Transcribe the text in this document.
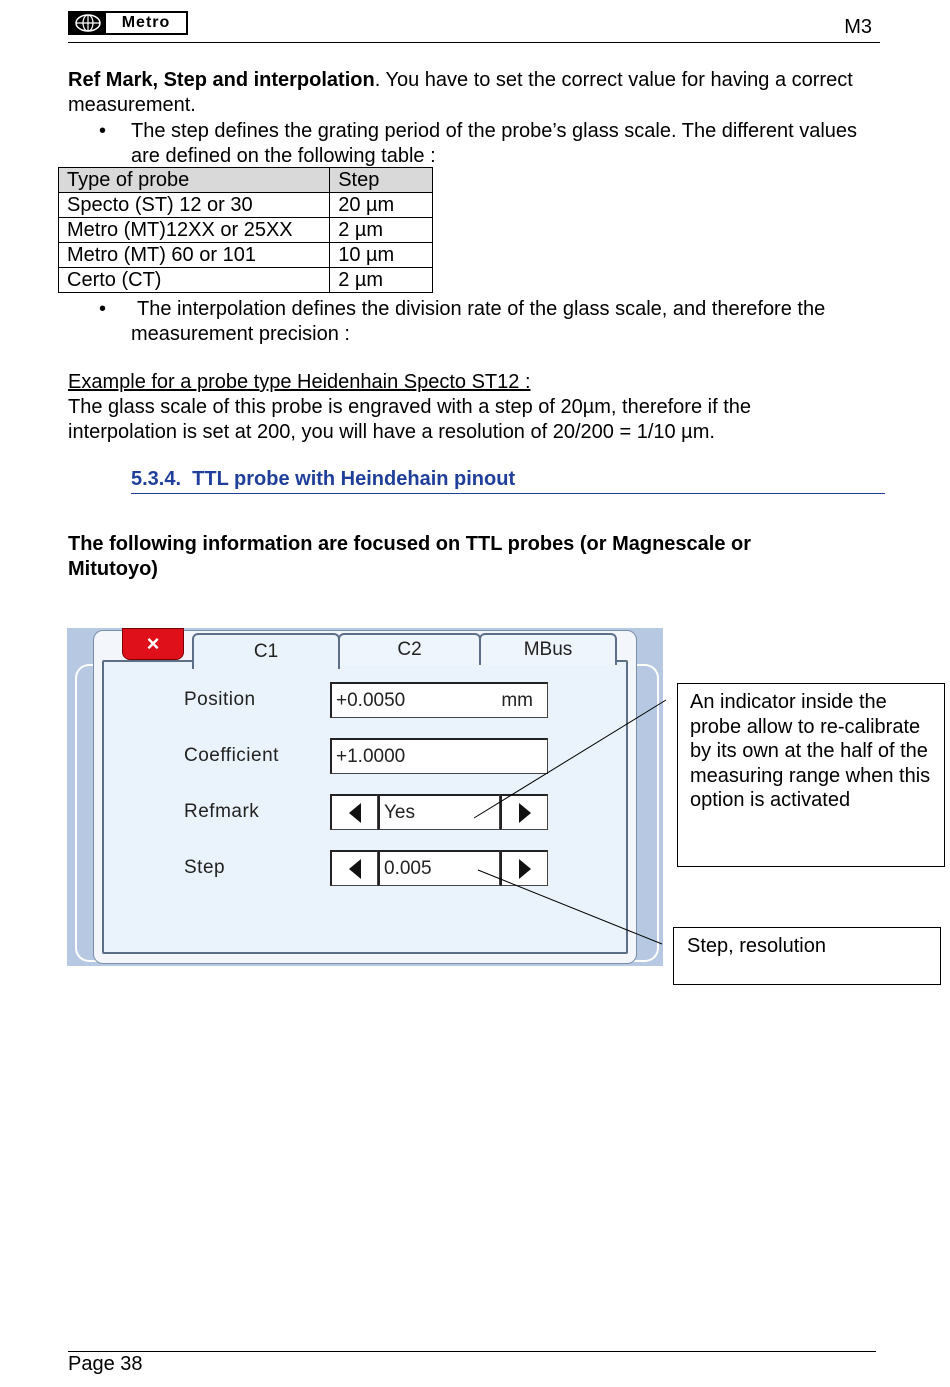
Metro	M3
Ref Mark, Step and interpolation. You have to set the correct value for having a correct measurement.
• The step defines the grating period of the probe’s glass scale. The different values are defined on the following table :
Type of probe	Step
Specto (ST) 12 or 30	20 µm
Metro (MT)12XX or 25XX	2 µm
Metro (MT) 60 or 101	10 µm
Certo (CT)	2 µm
• The interpolation defines the division rate of the glass scale, and therefore the measurement precision :
Example for a probe type Heidenhain Specto ST12 :
The glass scale of this probe is engraved with a step of 20µm, therefore if the interpolation is set at 200, you will have a resolution of 20/200 = 1/10 µm.
5.3.4. TTL probe with Heindehain pinout
The following information are focused on TTL probes (or Magnescale or Mitutoyo)
×	C1	C2	MBus
Position	+0.0050	mm
Coefficient	+1.0000
Refmark	Yes
Step	0.005
An indicator inside the probe allow to re-calibrate by its own at the half of the measuring range when this option is activated
Step, resolution
Page 38
